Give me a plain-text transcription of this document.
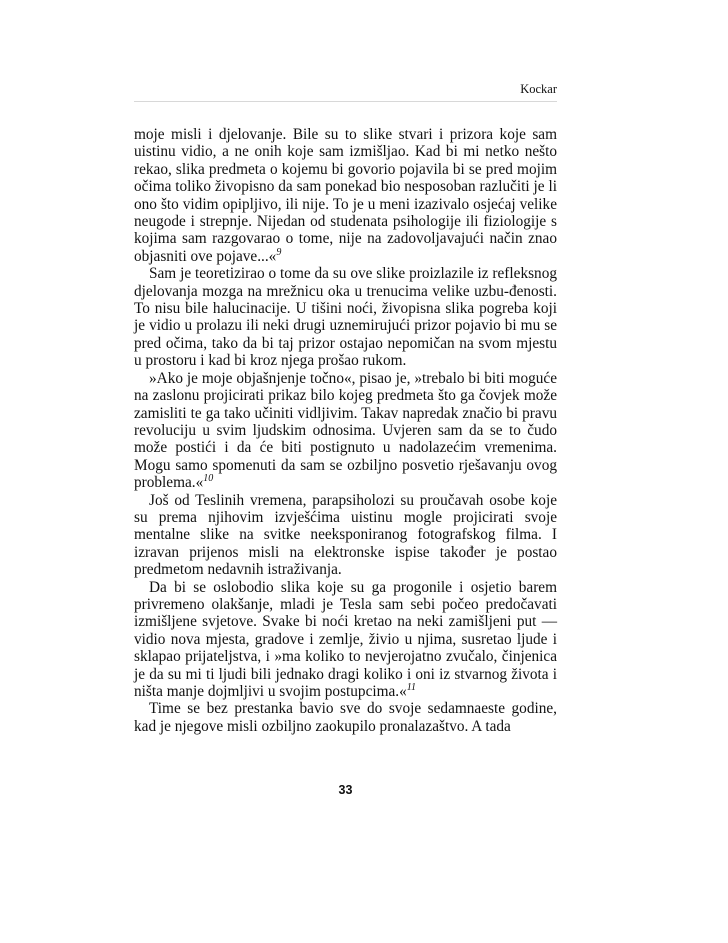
Kockar

moje misli i djelovanje. Bile su to slike stvari i prizora koje sam uistinu vidio, a ne onih koje sam izmišljao. Kad bi mi netko nešto rekao, slika predmeta o kojemu bi govorio pojavila bi se pred mojim očima toliko živopisno da sam ponekad bio nesposoban razlučiti je li ono što vidim opipljivo, ili nije. To je u meni izazivalo osjećaj velike neugode i strepnje. Nijedan od studenata psihologije ili fiziologije s kojima sam razgovarao o tome, nije na zadovoljavajući način znao objasniti ove pojave...«$^9$

Sam je teoretizirao o tome da su ove slike proizlazile iz refleksnog djelovanja mozga na mrežnicu oka u trenucima velike uzbu-đenosti. To nisu bile halucinacije. U tišini noći, živopisna slika pogreba koji je vidio u prolazu ili neki drugi uznemirujući prizor pojavio bi mu se pred očima, tako da bi taj prizor ostajao nepomičan na svom mjestu u prostoru i kad bi kroz njega prošao rukom.

»Ako je moje objašnjenje točno«, pisao je, »trebalo bi biti moguće na zaslonu projicirati prikaz bilo kojeg predmeta što ga čovjek može zamisliti te ga tako učiniti vidljivim. Takav napredak značio bi pravu revoluciju u svim ljudskim odnosima. Uvjeren sam da se to čudo može postići i da će biti postignuto u nadolazećim vremenima. Mogu samo spomenuti da sam se ozbiljno posvetio rješavanju ovog problema.«$^{10}$

Još od Teslinih vremena, parapsiholozi su proučavah osobe koje su prema njihovim izvješćima uistinu mogle projicirati svoje mentalne slike na svitke neeksponiranog fotografskog filma. I izravan prijenos misli na elektronske ispise također je postao predmetom nedavnih istraživanja.

Da bi se oslobodio slika koje su ga progonile i osjetio barem privremeno olakšanje, mladi je Tesla sam sebi počeo predočavati izmišljene svjetove. Svake bi noći kretao na neki zamišljeni put — vidio nova mjesta, gradove i zemlje, živio u njima, susretao ljude i sklapao prijateljstva, i »ma koliko to nevjerojatno zvučalo, činjenica je da su mi ti ljudi bili jednako dragi koliko i oni iz stvarnog života i ništa manje dojmljivi u svojim postupcima.«$^{11}$

Time se bez prestanka bavio sve do svoje sedamnaeste godine, kad je njegove misli ozbiljno zaokupilo pronalazaštvo. A tada

33
